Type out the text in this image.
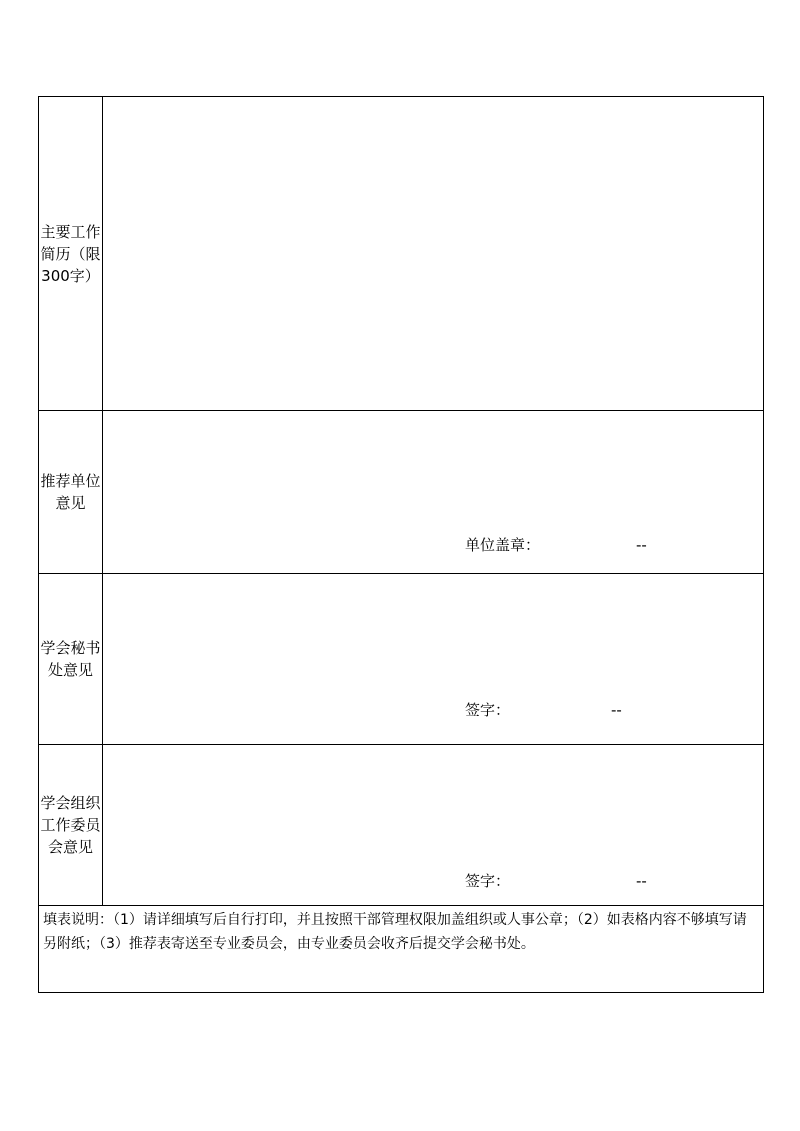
主要工作简历（限300字）	

推荐单位意见	单位盖章： --

学会秘书处意见	签字： --

学会组织工作委员会意见	签字： --

填表说明：（1）请详细填写后自行打印，并且按照干部管理权限加盖组织或人事公章；（2）如表格内容不够填写请另附纸；（3）推荐表寄送至专业委员会，由专业委员会收齐后提交学会秘书处。	
